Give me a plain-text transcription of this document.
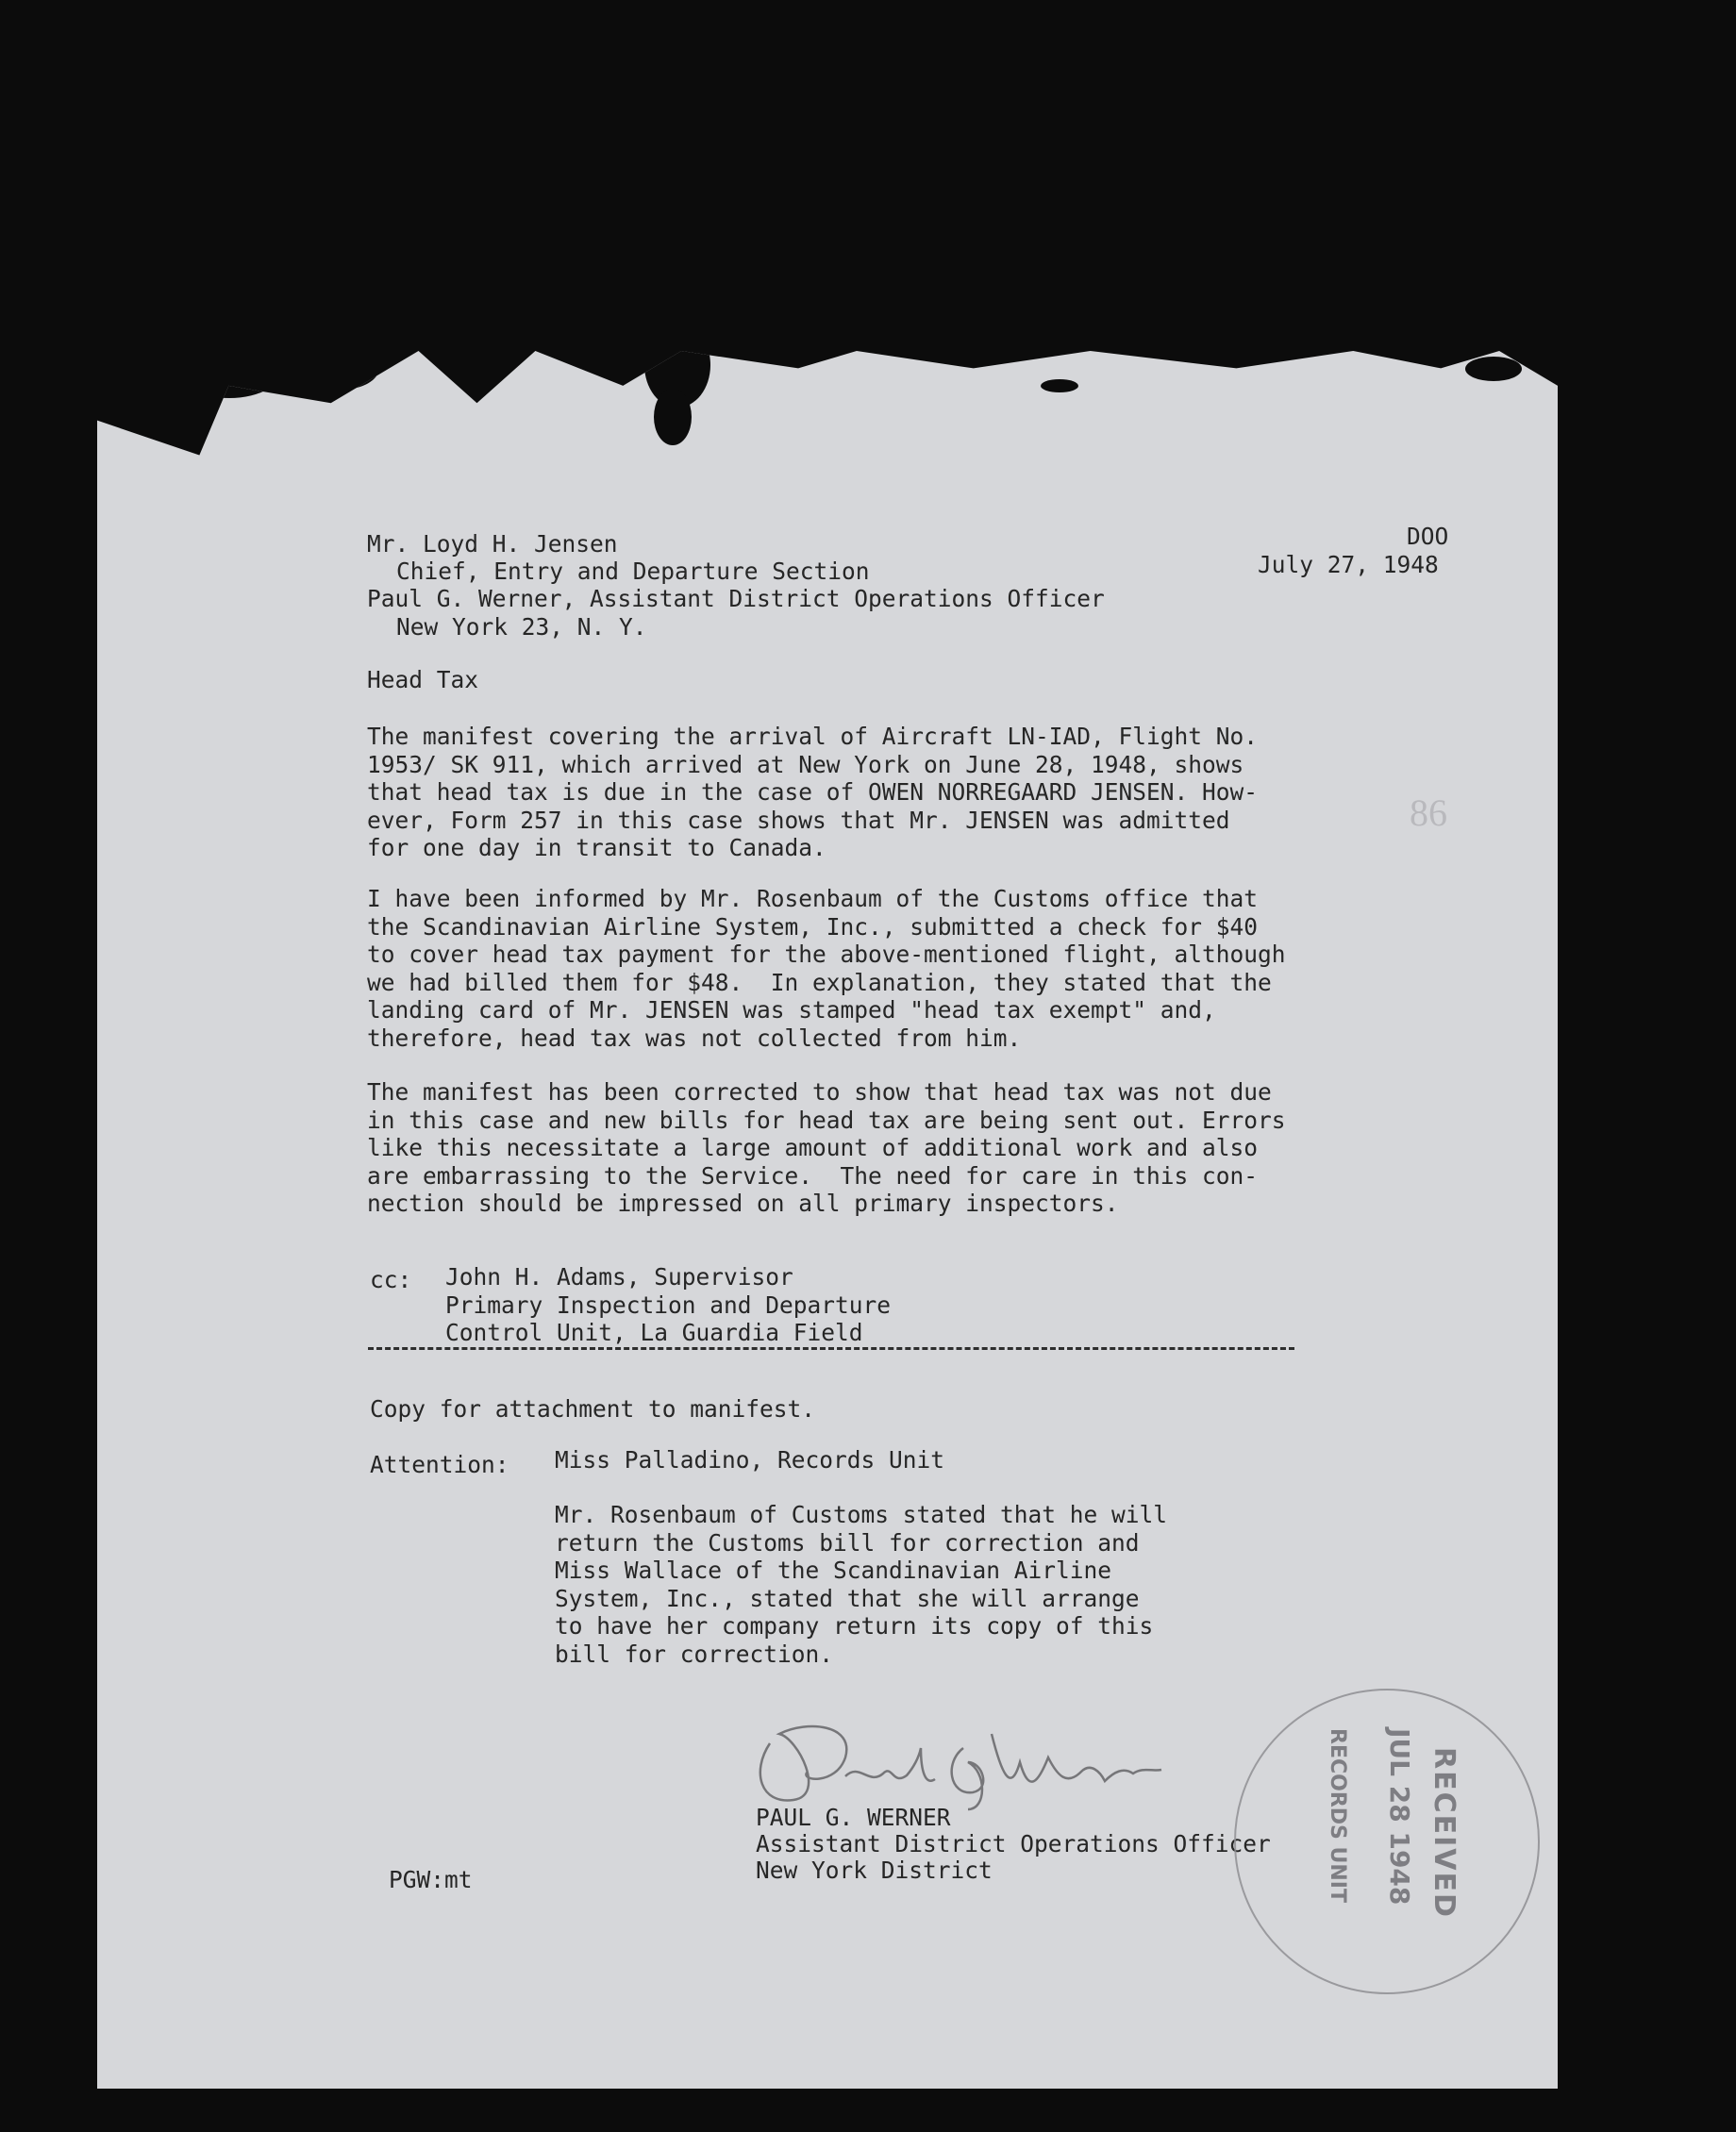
Mr. Loyd H. Jensen
Chief, Entry and Departure Section
Paul G. Werner, Assistant District Operations Officer
New York 23, N. Y.
DOO
July 27, 1948
Head Tax
The manifest covering the arrival of Aircraft LN-IAD, Flight No.
1953/ SK 911, which arrived at New York on June 28, 1948, shows
that head tax is due in the case of OWEN NORREGAARD JENSEN. How-
ever, Form 257 in this case shows that Mr. JENSEN was admitted
for one day in transit to Canada.
86
I have been informed by Mr. Rosenbaum of the Customs office that
the Scandinavian Airline System, Inc., submitted a check for $40
to cover head tax payment for the above-mentioned flight, although
we had billed them for $48.  In explanation, they stated that the
landing card of Mr. JENSEN was stamped "head tax exempt" and,
therefore, head tax was not collected from him.
The manifest has been corrected to show that head tax was not due
in this case and new bills for head tax are being sent out. Errors
like this necessitate a large amount of additional work and also
are embarrassing to the Service.  The need for care in this con-
nection should be impressed on all primary inspectors.
cc: John H. Adams, Supervisor
Primary Inspection and Departure
Control Unit, La Guardia Field
Copy for attachment to manifest.
Attention: Miss Palladino, Records Unit
Mr. Rosenbaum of Customs stated that he will
return the Customs bill for correction and
Miss Wallace of the Scandinavian Airline
System, Inc., stated that she will arrange
to have her company return its copy of this
bill for correction.
PAUL G. WERNER
Assistant District Operations Officer
New York District
PGW:mt	RECEIVED
JUL 28 1948
RECORDS UNIT
